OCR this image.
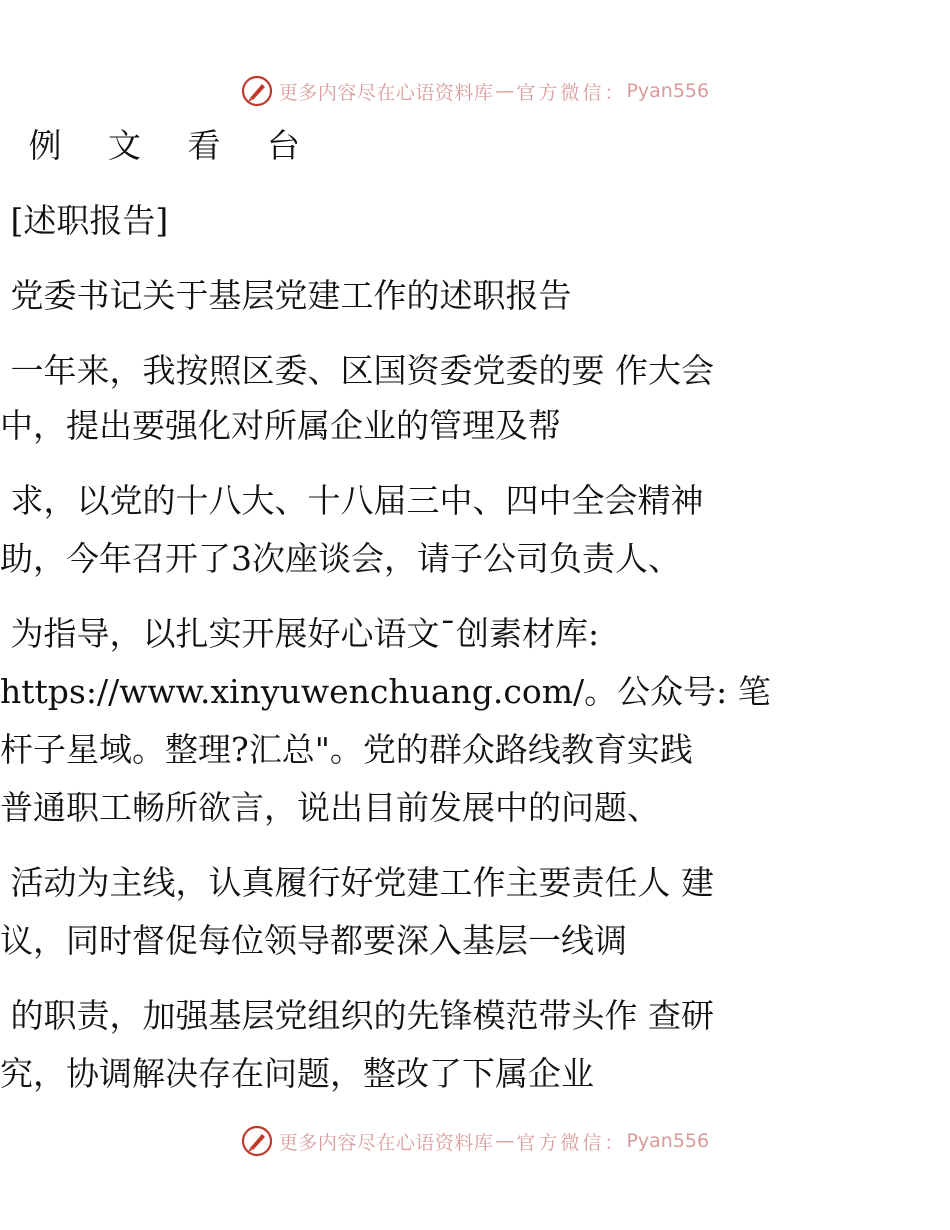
更多内容尽在心语资料库 — 官方微信： Pyan556
例 文 看 台
[述职报告]
党委书记关于基层党建工作的述职报告
一年来，我按照区委、区国资委党委的要 作大会
中，提出要强化对所属企业的管理及帮
求，以党的十八大、十八届三中、四中全会精神
助，今年召开了3次座谈会，请子公司负责人、
为指导，以扎实开展好心语文¯创素材库:
https://www.xinyuwenchuang.com/。公众号: 笔
杆子星域。整理?汇总"。党的群众路线教育实践
普通职工畅所欲言，说出目前发展中的问题、
活动为主线，认真履行好党建工作主要责任人 建
议，同时督促每位领导都要深入基层一线调
的职责，加强基层党组织的先锋模范带头作 查研
究，协调解决存在问题，整改了下属企业
更多内容尽在心语资料库 — 官方微信： Pyan556
